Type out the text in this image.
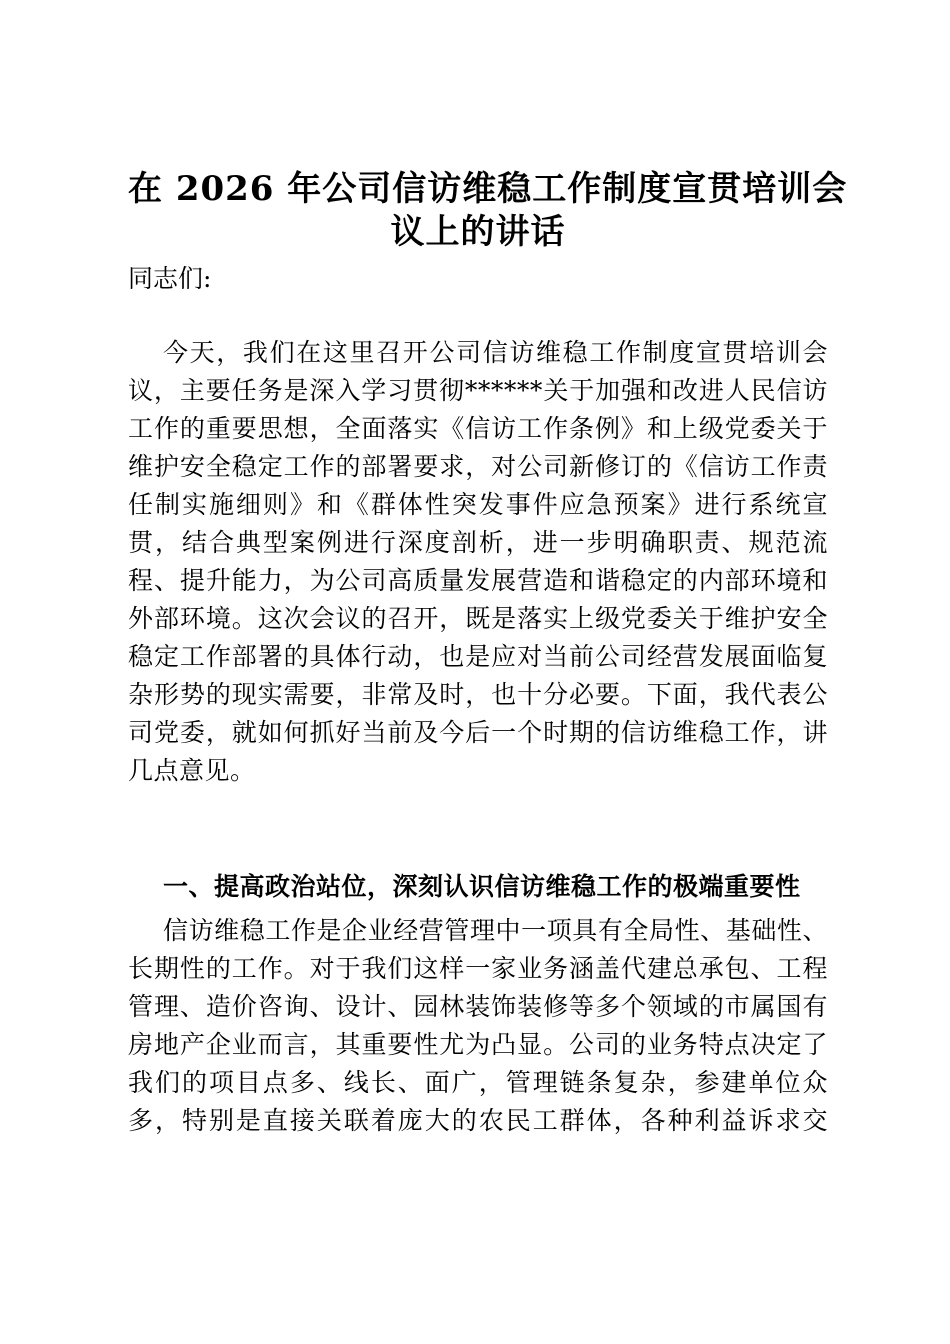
在 2026 年公司信访维稳工作制度宣贯培训会
议上的讲话
同志们:
今天，我们在这里召开公司信访维稳工作制度宣贯培训会
议，主要任务是深入学习贯彻******关于加强和改进人民信访
工作的重要思想，全面落实《信访工作条例》和上级党委关于
维护安全稳定工作的部署要求，对公司新修订的《信访工作责
任制实施细则》和《群体性突发事件应急预案》进行系统宣
贯，结合典型案例进行深度剖析，进一步明确职责、规范流
程、提升能力，为公司高质量发展营造和谐稳定的内部环境和
外部环境。这次会议的召开，既是落实上级党委关于维护安全
稳定工作部署的具体行动，也是应对当前公司经营发展面临复
杂形势的现实需要，非常及时，也十分必要。下面，我代表公
司党委，就如何抓好当前及今后一个时期的信访维稳工作，讲
几点意见。
一、提高政治站位，深刻认识信访维稳工作的极端重要性
信访维稳工作是企业经营管理中一项具有全局性、基础性、
长期性的工作。对于我们这样一家业务涵盖代建总承包、工程
管理、造价咨询、设计、园林装饰装修等多个领域的市属国有
房地产企业而言，其重要性尤为凸显。公司的业务特点决定了
我们的项目点多、线长、面广，管理链条复杂，参建单位众
多，特别是直接关联着庞大的农民工群体，各种利益诉求交
